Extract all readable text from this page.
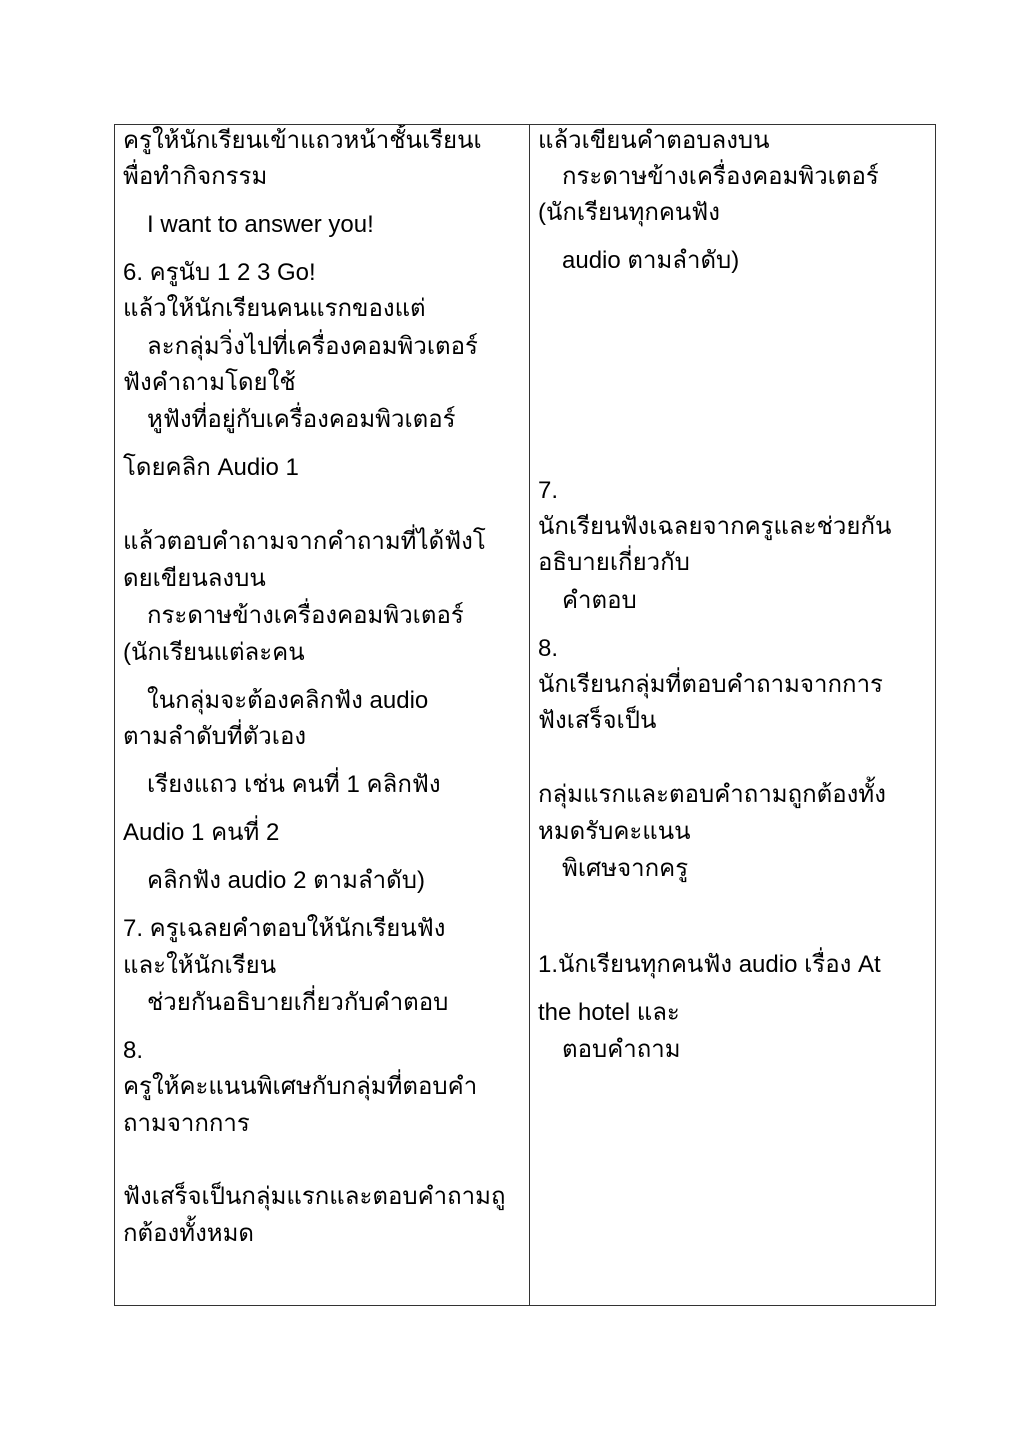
ครูให้นักเรียนเข้าแถวหน้าชั้นเรียนเ
พื่อทำกิจกรรม
I want to answer you!
6. ครูนับ 1 2 3 Go!
แล้วให้นักเรียนคนแรกของแต่
ละกลุ่มวิ่งไปที่เครื่องคอมพิวเตอร์
ฟังคำถามโดยใช้
หูฟังที่อยู่กับเครื่องคอมพิวเตอร์
โดยคลิก Audio 1
แล้วตอบคำถามจากคำถามที่ได้ฟังโ
ดยเขียนลงบน
กระดาษข้างเครื่องคอมพิวเตอร์
(นักเรียนแต่ละคน
ในกลุ่มจะต้องคลิกฟัง audio
ตามลำดับที่ตัวเอง
เรียงแถว เช่น คนที่ 1 คลิกฟัง
Audio 1 คนที่ 2
คลิกฟัง audio 2 ตามลำดับ)
7. ครูเฉลยคำตอบให้นักเรียนฟัง
และให้นักเรียน
ช่วยกันอธิบายเกี่ยวกับคำตอบ
8.
ครูให้คะแนนพิเศษกับกลุ่มที่ตอบคำ
ถามจากการ
ฟังเสร็จเป็นกลุ่มแรกและตอบคำถามถู
กต้องทั้งหมด
แล้วเขียนคำตอบลงบน
กระดาษข้างเครื่องคอมพิวเตอร์
(นักเรียนทุกคนฟัง
audio ตามลำดับ)
7.
นักเรียนฟังเฉลยจากครูและช่วยกัน
อธิบายเกี่ยวกับ
คำตอบ
8.
นักเรียนกลุ่มที่ตอบคำถามจากการ
ฟังเสร็จเป็น
กลุ่มแรกและตอบคำถามถูกต้องทั้ง
หมดรับคะแนน
พิเศษจากครู
1.นักเรียนทุกคนฟัง audio เรื่อง At
the hotel และ
ตอบคำถาม
